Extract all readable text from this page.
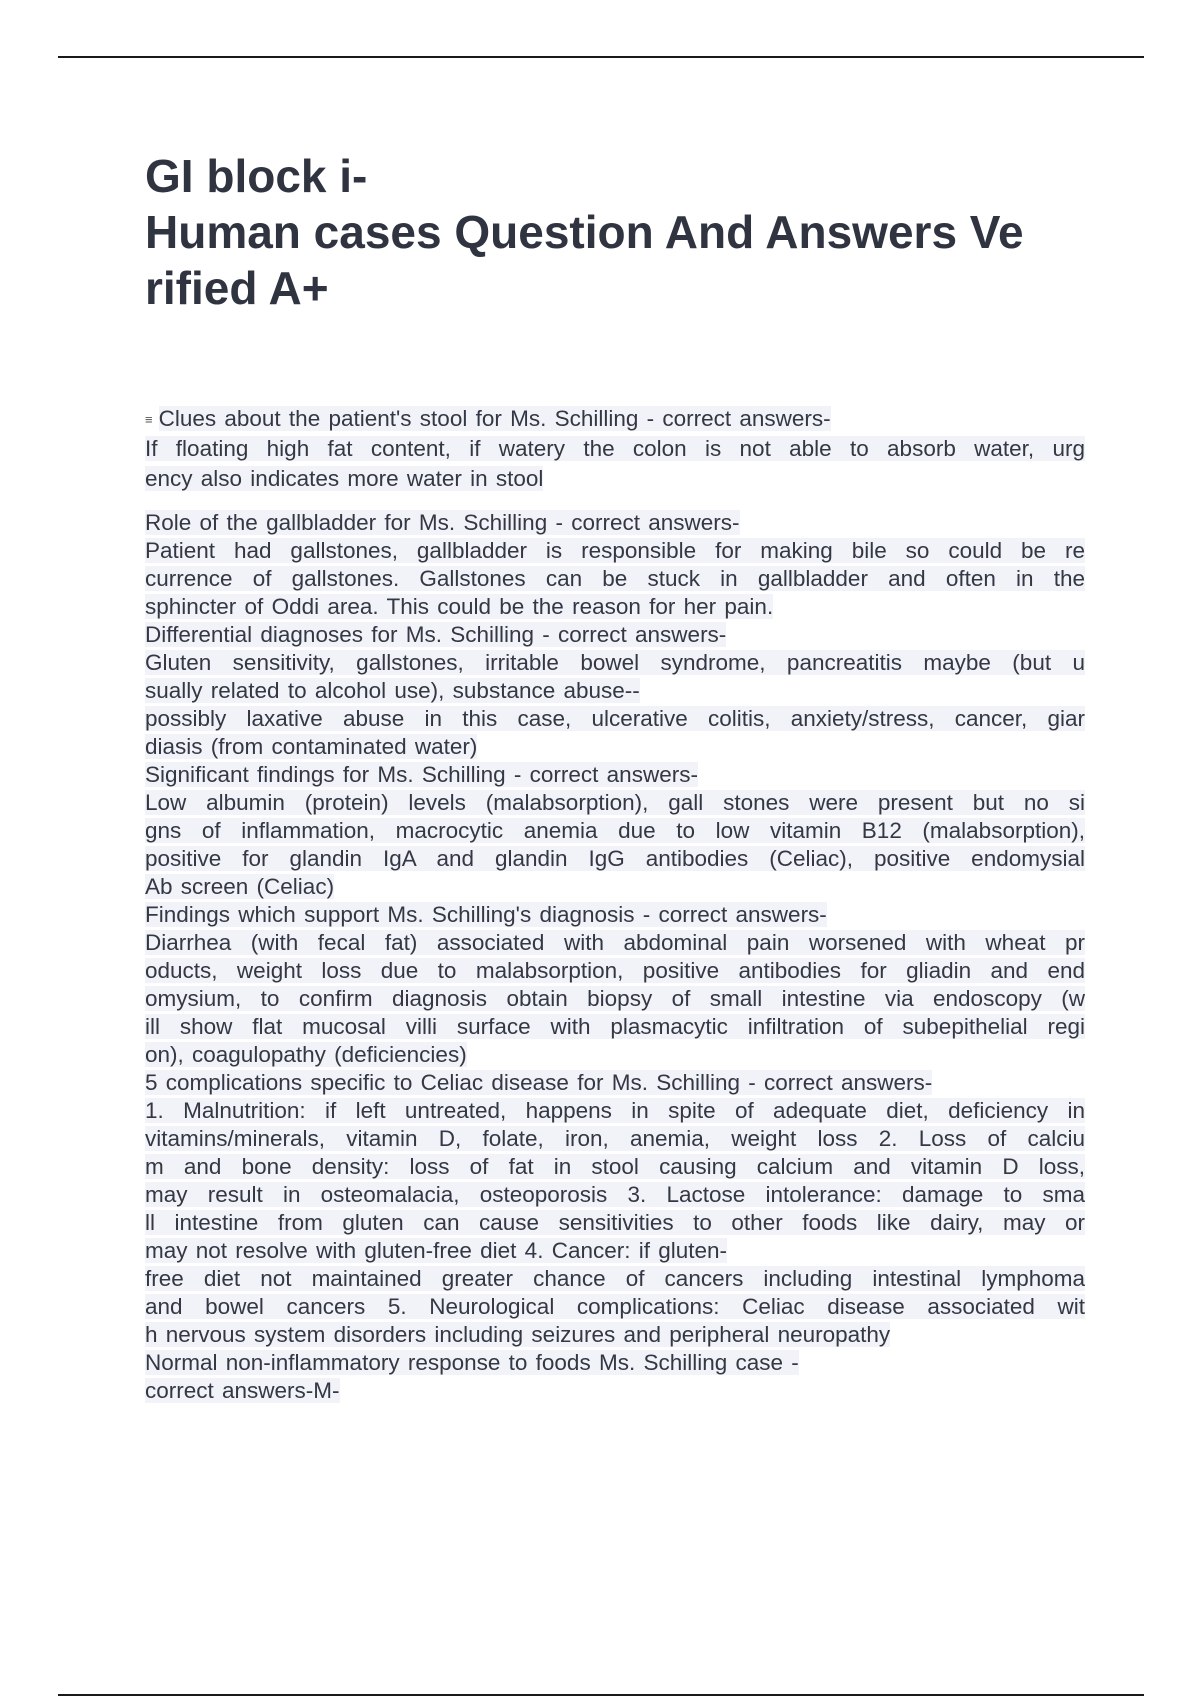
GI block i-
Human cases Question And Answers Ve
rified A+
≡ Clues about the patient's stool for Ms. Schilling - correct answers-
If floating high fat content, if watery the colon is not able to absorb water, urg
ency also indicates more water in stool
Role of the gallbladder for Ms. Schilling - correct answers-
Patient had gallstones, gallbladder is responsible for making bile so could be re
currence of gallstones. Gallstones can be stuck in gallbladder and often in the
sphincter of Oddi area. This could be the reason for her pain.
Differential diagnoses for Ms. Schilling - correct answers-
Gluten sensitivity, gallstones, irritable bowel syndrome, pancreatitis maybe (but u
sually related to alcohol use), substance abuse--
possibly laxative abuse in this case, ulcerative colitis, anxiety/stress, cancer, giar
diasis (from contaminated water)
Significant findings for Ms. Schilling - correct answers-
Low albumin (protein) levels (malabsorption), gall stones were present but no si
gns of inflammation, macrocytic anemia due to low vitamin B12 (malabsorption),
positive for glandin IgA and glandin IgG antibodies (Celiac), positive endomysial
Ab screen (Celiac)
Findings which support Ms. Schilling's diagnosis - correct answers-
Diarrhea (with fecal fat) associated with abdominal pain worsened with wheat pr
oducts, weight loss due to malabsorption, positive antibodies for gliadin and end
omysium, to confirm diagnosis obtain biopsy of small intestine via endoscopy (w
ill show flat mucosal villi surface with plasmacytic infiltration of subepithelial regi
on), coagulopathy (deficiencies)
5 complications specific to Celiac disease for Ms. Schilling - correct answers-
1. Malnutrition: if left untreated, happens in spite of adequate diet, deficiency in
vitamins/minerals, vitamin D, folate, iron, anemia, weight loss 2. Loss of calciu
m and bone density: loss of fat in stool causing calcium and vitamin D loss,
may result in osteomalacia, osteoporosis 3. Lactose intolerance: damage to sma
ll intestine from gluten can cause sensitivities to other foods like dairy, may or
may not resolve with gluten-free diet 4. Cancer: if gluten-
free diet not maintained greater chance of cancers including intestinal lymphoma
and bowel cancers 5. Neurological complications: Celiac disease associated wit
h nervous system disorders including seizures and peripheral neuropathy
Normal non-inflammatory response to foods Ms. Schilling case -
correct answers-M-
